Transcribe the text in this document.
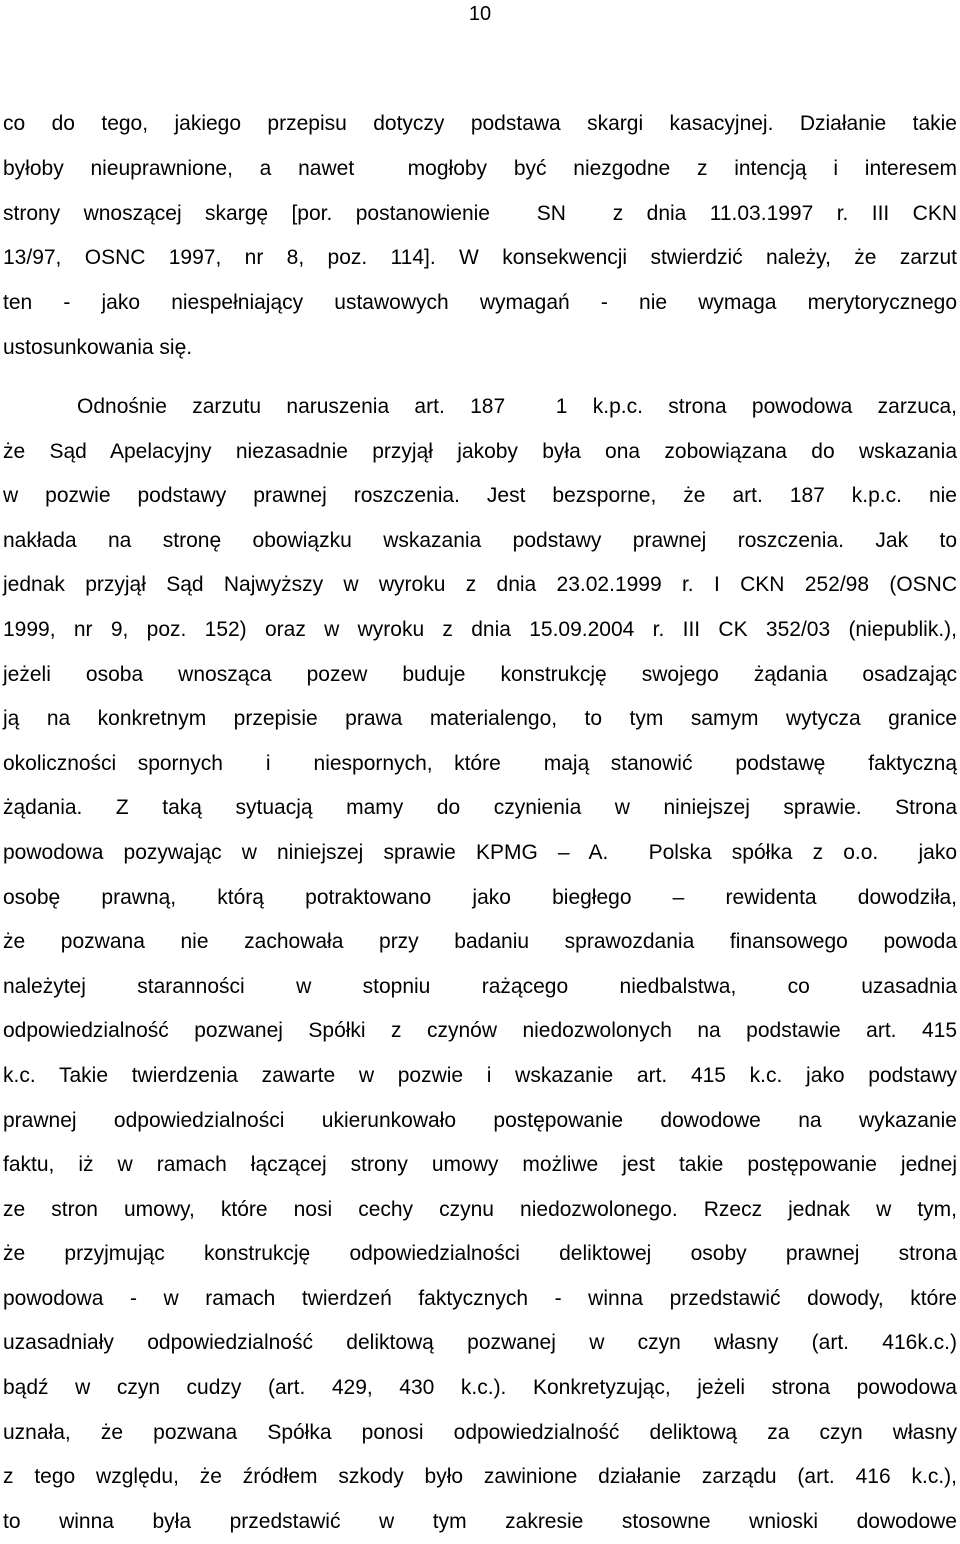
10
co do tego, jakiego przepisu dotyczy podstawa skargi kasacyjnej. Działanie takie
byłoby nieuprawnione, a nawet  mogłoby być niezgodne z intencją i interesem
strony wnoszącej skargę [por. postanowienie  SN  z dnia 11.03.1997 r. III CKN
13/97, OSNC 1997, nr 8, poz. 114]. W konsekwencji stwierdzić należy, że zarzut
ten - jako niespełniający ustawowych wymagań - nie wymaga merytorycznego
ustosunkowania się.
Odnośnie zarzutu naruszenia art. 187  1 k.p.c. strona powodowa zarzuca,
że Sąd Apelacyjny niezasadnie przyjął jakoby była ona zobowiązana do wskazania
w pozwie podstawy prawnej roszczenia. Jest bezsporne, że art. 187 k.p.c. nie
nakłada na stronę obowiązku wskazania podstawy prawnej roszczenia. Jak to
jednak przyjął Sąd Najwyższy w wyroku z dnia 23.02.1999 r. I CKN 252/98 (OSNC
1999, nr 9, poz. 152) oraz w wyroku z dnia 15.09.2004 r. III CK 352/03 (niepublik.),
jeżeli osoba wnosząca pozew buduje konstrukcję swojego żądania osadzając
ją na konkretnym przepisie prawa materialengo, to tym samym wytycza granice
okoliczności spornych  i  niespornych, które  mają stanowić  podstawę  faktyczną
żądania. Z taką sytuacją mamy do czynienia w niniejszej sprawie. Strona
powodowa pozywając w niniejszej sprawie KPMG – A.  Polska spółka z o.o.  jako
osobę prawną, którą potraktowano jako biegłego – rewidenta dowodziła,
że pozwana nie zachowała przy badaniu sprawozdania finansowego powoda
należytej staranności w stopniu rażącego niedbalstwa, co uzasadnia
odpowiedzialność pozwanej Spółki z czynów niedozwolonych na podstawie art. 415
k.c. Takie twierdzenia zawarte w pozwie i wskazanie art. 415 k.c. jako podstawy
prawnej odpowiedzialności ukierunkowało postępowanie dowodowe na wykazanie
faktu, iż w ramach łączącej strony umowy możliwe jest takie postępowanie jednej
ze stron umowy, które nosi cechy czynu niedozwolonego. Rzecz jednak w tym,
że przyjmując konstrukcję odpowiedzialności deliktowej osoby prawnej strona
powodowa - w ramach twierdzeń faktycznych - winna przedstawić dowody, które
uzasadniały odpowiedzialność deliktową pozwanej w czyn własny (art. 416k.c.)
bądź w czyn cudzy (art. 429, 430 k.c.). Konkretyzując, jeżeli strona powodowa
uznała, że pozwana Spółka ponosi odpowiedzialność deliktową za czyn własny
z tego względu, że źródłem szkody było zawinione działanie zarządu (art. 416 k.c.),
to winna była przedstawić w tym zakresie stosowne wnioski dowodowe
